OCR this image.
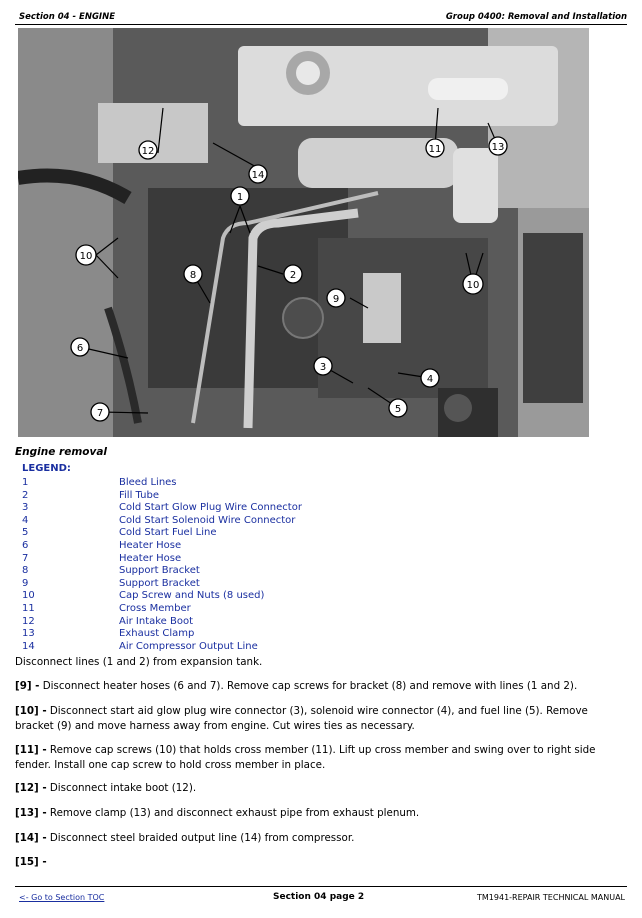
Section 04 - ENGINE	Group 0400: Removal and Installation
1
2
3
4
5
6
7
8
9
10
10
11
12	13
14
Engine removal
LEGEND:
1	Bleed Lines
2	Fill Tube
3	Cold Start Glow Plug Wire Connector
4	Cold Start Solenoid Wire Connector
5	Cold Start Fuel Line
6	Heater Hose
7	Heater Hose
8	Support Bracket
9	Support Bracket
10	Cap Screw and Nuts (8 used)
11	Cross Member
12	Air Intake Boot
13	Exhaust Clamp
14	Air Compressor Output Line
Disconnect lines (1 and 2) from expansion tank.
[9] - Disconnect heater hoses (6 and 7). Remove cap screws for bracket (8) and remove with lines (1 and 2).
[10] - Disconnect start aid glow plug wire connector (3), solenoid wire connector (4), and fuel line (5). Remove bracket (9) and move harness away from engine. Cut wires ties as necessary.
[11] - Remove cap screws (10) that holds cross member (11). Lift up cross member and swing over to right side fender. Install one cap screw to hold cross member in place.
[12] - Disconnect intake boot (12).
[13] - Remove clamp (13) and disconnect exhaust pipe from exhaust plenum.
[14] - Disconnect steel braided output line (14) from compressor.
[15] -
<- Go to Section TOC	Section 04 page 2	TM1941-REPAIR TECHNICAL MANUAL
